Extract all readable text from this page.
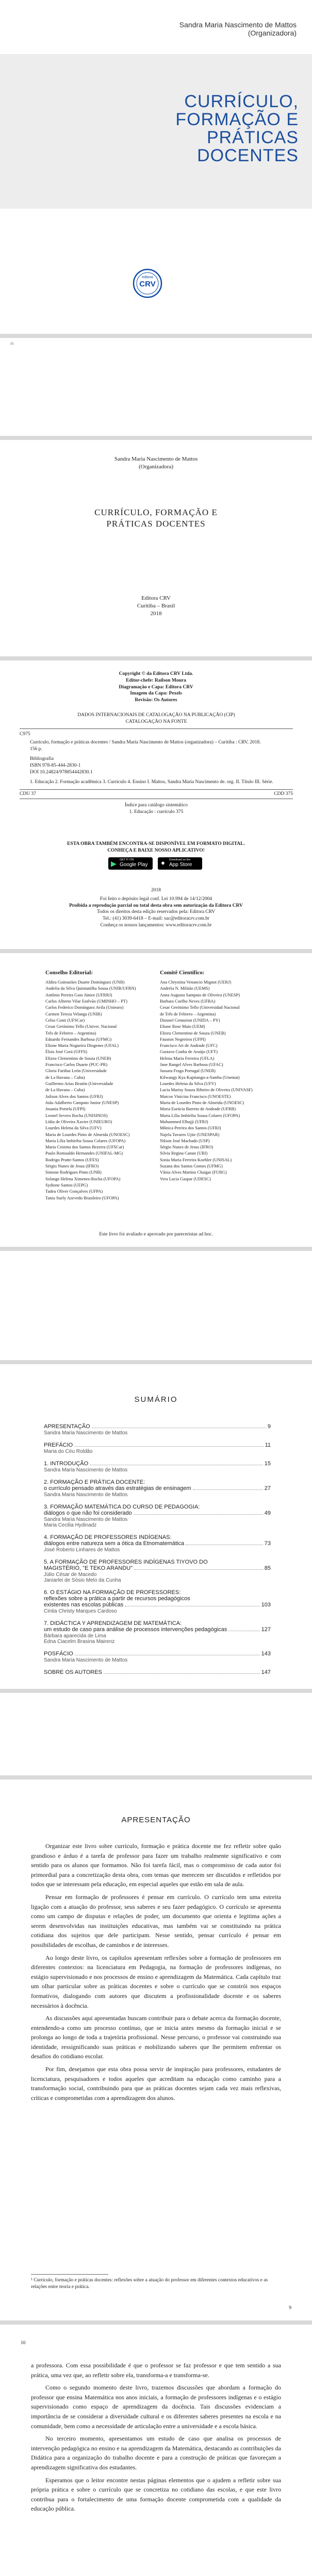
Sandra Maria Nascimento de Mattos
(Organizadora)
CURRÍCULO,
FORMAÇÃO E
PRÁTICAS
DOCENTES
editora
CRV
iii
Sandra Maria Nascimento de Mattos
(Organizadora)
CURRÍCULO, FORMAÇÃO E PRÁTICAS DOCENTES
Editora CRV
Curitiba – Brasil
2018
Copyright © da Editora CRV Ltda.
Editor-chefe: Railson Moura
Diagramação e Capa: Editora CRV
Imagem da Capa: Pexels
Revisão: Os Autores
DADOS INTERNACIONAIS DE CATALOGAÇÃO NA PUBLICAÇÃO (CIP)
CATALOGAÇÃO NA FONTE
C975
Currículo, formação e práticas docentes / Sandra Maria Nascimento de Mattos (organizadora) – Curitiba : CRV, 2018.
156 p.
Bibliografia
ISBN 978-85-444-2830-1
DOI 10.24824/978854442830.1
1. Educação 2. Formação acadêmica 3. Currículo 4. Ensino I. Mattos, Sandra Maria Nascimento de. org. II. Título III. Série.
CDU 37	CDD 375
Índice para catálogo sistemático
1. Educação : currículo 375
ESTA OBRA TAMBÉM ENCONTRA-SE DISPONÍVEL EM FORMATO DIGITAL.
CONHEÇA E BAIXE NOSSO APLICATIVO!
▶ GET IT ON
Google Play ● Download on the
App Store
2018
Foi feito o depósito legal conf. Lei 10.994 de 14/12/2004
Proibida a reprodução parcial ou total desta obra sem autorização da Editora CRV
Todos os direitos desta edição reservados pela: Editora CRV
Tel.: (41) 3039-6418 – E-mail: sac@editoracrv.com.br
Conheça os nossos lançamentos: www.editoracrv.com.br
Conselho Editorial:
Aldira Guimarães Duarte Domínguez (UNB)
Andréia da Silva Quintanilha Sousa (UNIR/UFRN)
Antônio Pereira Gaio Júnior (UFRRJ)
Carlos Alberto Vilar Estêvão (UMINHO – PT)
Carlos Federico Domínguez Avila (Unieuro)
Carmen Tereza Velanga (UNIR)
Celso Conti (UFSCar)
Cesar Gerónimo Tello (Univer. Nacional
Três de Febrero – Argentina)
Eduardo Fernandes Barbosa (UFMG)
Elione Maria Nogueira Diogenes (UFAL)
Élsio José Corá (UFFS)
Elizeu Clementino de Souza (UNEB)
Francisco Carlos Duarte (PUC-PR)
Gloria Fariñas León (Universidade
de La Havana – Cuba)
Guillermo Arias Beatón (Universidade
de La Havana – Cuba)
Jailson Alves dos Santos (UFRJ)
João Adalberto Campato Junior (UNESP)
Josania Portela (UFPI)
Leonel Severo Rocha (UNISINOS)
Lídia de Oliveira Xavier (UNIEURO)
Lourdes Helena da Silva (UFV)
Maria de Lourdes Pinto de Almeida (UNOESC)
Maria Lília Imbiriba Sousa Colares (UFOPA)
Maria Cristina dos Santos Bezerra (UFSCar)
Paulo Romualdo Hernandes (UNIFAL-MG)
Rodrigo Pratte-Santos (UFES)
Sérgio Nunes de Jesus (IFRO)
Simone Rodrigues Pinto (UNB)
Solange Helena Ximenes-Rocha (UFOPA)
Sydione Santos (UEPG)
Tadeu Oliver Gonçalves (UFPA)
Tania Suely Azevedo Brasileiro (UFOPA)
Comitê Científico:
Ana Chrystina Venancio Mignot (UERJ)
Andréia N. Militão (UEMS)
Anna Augusta Sampaio de Oliveira (UNESP)
Barbara Coelho Neves (UFBA)
Cesar Gerónimo Tello (Universidad Nacional
de Três de Febrero – Argentina)
Diosnel Centurion (UNIDA – PY)
Eliane Rose Maio (UEM)
Elizeu Clementino de Souza (UNEB)
Fauston Negreiros (UFPI)
Francisco Ari de Andrade (UFC)
Gustavo Cunha de Araújo (UFT)
Helena Maria Ferreira (UFLA)
Jane Rangel Alves Barbosa (UFAC)
Jussara Fraga Portugal (UNEB)
Kilwangy Kya Kapitango-a-Samba (Unemat)
Lourdes Helena da Silva (UFV)
Lucia Marisy Souza Ribeiro de Oliveira (UNIVASF)
Marcos Vinicius Francisco (UNOESTE)
Maria de Lourdes Pinto de Almeida (UNOESC)
Maria Eurácia Barreto de Andrade (UFRB)
Maria Lília Imbiriba Sousa Colares (UFOPA)
Mohammed Elhajji (UFRJ)
Mônica Pereira dos Santos (UFRJ)
Najela Tavares Ujiie (UNESPAR)
Nilson José Machado (USP)
Sérgio Nunes de Jesus (IFRO)
Silvia Regina Canan (URI)
Sonia Maria Ferreira Koehler (UNISAL)
Suzana dos Santos Gomes (UFMG)
Vânia Alves Martins Chaigar (FURG)
Vera Lucia Gaspar (UDESC)
Este livro foi avaliado e aprovado por pareceristas ad hoc.
SUMÁRIO
APRESENTAÇÃO	9
Sandra Maria Nascimento de Mattos
PREFÁCIO	11
Maria do Céu Roldão
1. INTRODUÇÃO	15
Sandra Maria Nascimento de Mattos
2. FORMAÇÃO E PRÁTICA DOCENTE:
o currículo pensado através das estratégias de ensinagem	27
Sandra Maria Nascimento de Mattos
3. FORMAÇÃO MATEMÁTICA DO CURSO DE PEDAGOGIA:
diálogos o que não foi considerado	49
Sandra Maria Nascimento de Mattos
Maria Cecilia Hydinadz
4. FORMAÇÃO DE PROFESSORES INDÍGENAS:
diálogos entre natureza sem a ótica da Etnomatemática	73
José Roberto Linhares de Mattos
5. A FORMAÇÃO DE PROFESSORES INDÍGENAS TIYOVO DO
MAGISTÉRIO, "E TEKO ARANDU"	85
Júlio César de Macedo
Janiarlei de Sósio Melo da Cunha
6. O ESTÁGIO NA FORMAÇÃO DE PROFESSORES:
reflexões sobre a prática a partir de recursos pedagógicos
existentes nas escolas públicas	103
Cintia Christy Marques Cardoso
7. DIDÁCTICA Y APRENDIZAGEM DE MATEMÁTICA:
um estudo de caso para análise de processos intervenções pedagógicas	127
Bárbara aparecida de Lima
Edna Ciacelm Brasina Mairenz
POSFÁCIO	143
Sandra Maria Nascimento de Mattos
SOBRE OS AUTORES	147
APRESENTAÇÃO

Organizar este livro sobre currículo, formação e prática docente me fez refletir sobre quão grandioso e árduo é a tarefa de professor para fazer um trabalho realmente significativo e com sentido para os alunos que formamos. Não foi tarefa fácil, mas o compromisso de cada autor foi primordial para a concretização desta obra, com temas que merecem ser discutidos e refletidos por todos que se interessam pela educação, em especial aqueles que estão em sala de aula.

Pensar em formação de professores é pensar em currículo. O currículo tem uma estreita ligação com a atuação do professor, seus saberes e seu fazer pedagógico. O currículo se apresenta como um campo de disputas e relações de poder, um documento que orienta e legitima ações a serem desenvolvidas nas instituições educativas, mas também vai se constituindo na prática cotidiana dos sujeitos que dele participam. Nesse sentido, pensar currículo é pensar em possibilidades de escolhas, de caminhos e de interesses.

Ao longo deste livro, os capítulos apresentam reflexões sobre a formação de professores em diferentes contextos: na licenciatura em Pedagogia, na formação de professores indígenas, no estágio supervisionado e nos processos de ensino e aprendizagem da Matemática. Cada capítulo traz um olhar particular sobre as práticas docentes e sobre o currículo que se constrói nos espaços formativos, dialogando com autores que discutem a profissionalidade docente e os saberes necessários à docência.

As discussões aqui apresentadas buscam contribuir para o debate acerca da formação docente, entendendo-a como um processo contínuo, que se inicia antes mesmo da formação inicial e se prolonga ao longo de toda a trajetória profissional. Nesse percurso, o professor vai construindo sua identidade, ressignificando suas práticas e mobilizando saberes que lhe permitem enfrentar os desafios do cotidiano escolar.

Por fim, desejamos que esta obra possa servir de inspiração para professores, estudantes de licenciatura, pesquisadores e todos aqueles que acreditam na educação como caminho para a transformação social, contribuindo para que as práticas docentes sejam cada vez mais reflexivas, críticas e comprometidas com a aprendizagem dos alunos.

¹ Currículo, formação e práticas docentes: reflexões sobre a atuação do professor em diferentes contextos educativos e as relações entre teoria e prática.
9
10

a professora. Com essa possibilidade é que o professor se faz professor e que tem sentido a sua prática, uma vez que, ao refletir sobre ela, transforma-a e transforma-se.

Como o segundo momento deste livro, trazemos discussões que abordam a formação do professor que ensina Matemática nos anos iniciais, a formação de professores indígenas e o estágio supervisionado como espaço de aprendizagem da docência. Tais discussões evidenciam a importância de se considerar a diversidade cultural e os diferentes saberes presentes na escola e na comunidade, bem como a necessidade de articulação entre a universidade e a escola básica.

No terceiro momento, apresentamos um estudo de caso que analisa os processos de intervenção pedagógica no ensino e na aprendizagem da Matemática, destacando as contribuições da Didática para a organização do trabalho docente e para a construção de práticas que favoreçam a aprendizagem significativa dos estudantes.

Esperamos que o leitor encontre nestas páginas elementos que o ajudem a refletir sobre sua própria prática e sobre o currículo que se concretiza no cotidiano das escolas, e que este livro contribua para o fortalecimento de uma formação docente comprometida com a qualidade da educação pública.
